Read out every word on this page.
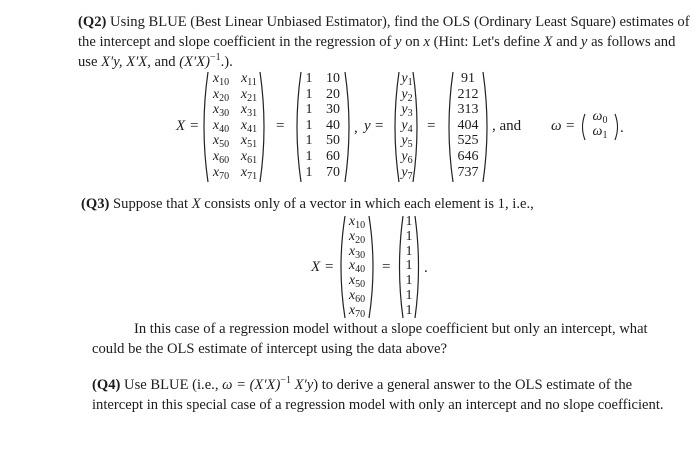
(Q2) Using BLUE (Best Linear Unbiased Estimator), find the OLS (Ordinary Least Square) estimates of
the intercept and slope coefficient in the regression of y on x (Hint: Let's define X and y as follows and
use X′y, X′X, and $(X'X)^{-1}$.).
X =
$x_{10}$ $x_{11}$	1 10	$y_1$	91
$x_{20}$ $x_{21}$	1 20	$y_2$	212
$x_{30}$ $x_{31}$	1 30	$y_3$	313
$x_{40}$ $x_{41}$	1 40	$y_4$	404
$x_{50}$ $x_{51}$	1 50	$y_5$	525
$x_{60}$ $x_{61}$	1 60	$y_6$	646
$x_{70}$ $x_{71}$	1 70	$y_7$	737
=	, y =	=	, and ω =
$\omega_0$
$\omega_1$ .
(Q3) Suppose that X consists only of a vector in which each element is 1, i.e.,
X =	= .
$x_{10}$	1
$x_{20}$	1
$x_{30}$	1
$x_{40}$	1
$x_{50}$	1
$x_{60}$	1
$x_{70}$	1
In this case of a regression model without a slope coefficient but only an intercept, what
could be the OLS estimate of intercept using the data above?
(Q4) Use BLUE (i.e., $\omega = (X'X)^{-1}$ X′y) to derive a general answer to the OLS estimate of the
intercept in this special case of a regression model with only an intercept and no slope coefficient.
